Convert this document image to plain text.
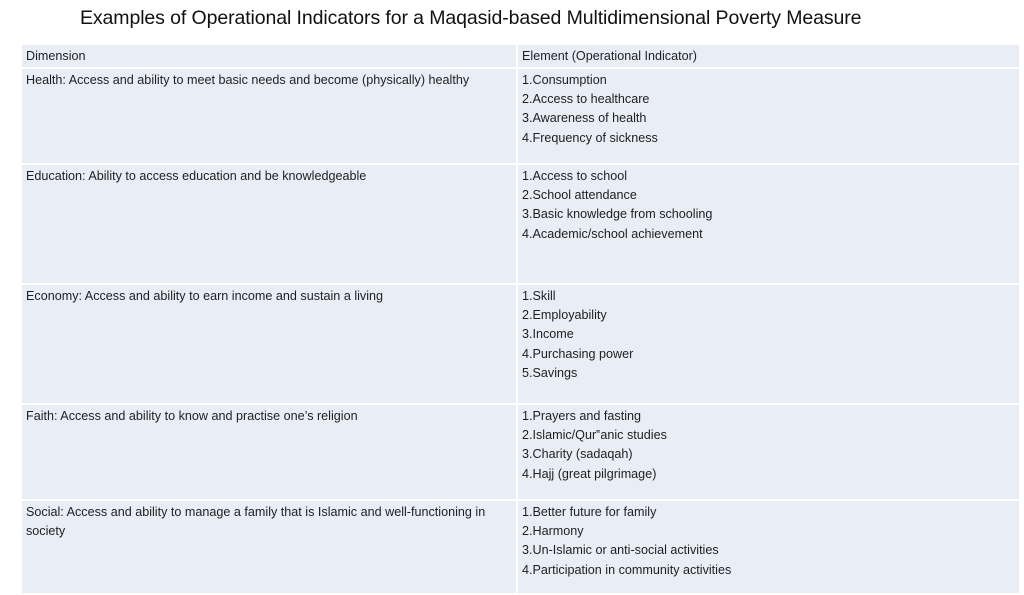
Examples of Operational Indicators for a Maqasid-based Multidimensional Poverty Measure
Dimension	Element (Operational Indicator)
Health: Access and ability to meet basic needs and become (physically) healthy	1.Consumption
2.Access to healthcare
3.Awareness of health
4.Frequency of sickness

Education: Ability to access education and be knowledgeable	1.Access to school
2.School attendance
3.Basic knowledge from schooling
4.Academic/school achievement

Economy: Access and ability to earn income and sustain a living	1.Skill
2.Employability
3.Income
4.Purchasing power
5.Savings

Faith: Access and ability to know and practise one’s religion	1.Prayers and fasting
2.Islamic/Qur‟anic studies
3.Charity (sadaqah)
4.Hajj (great pilgrimage)

Social: Access and ability to manage a family that is Islamic and well-functioning in society	1.Better future for family
2.Harmony
3.Un-Islamic or anti-social activities
4.Participation in community activities
